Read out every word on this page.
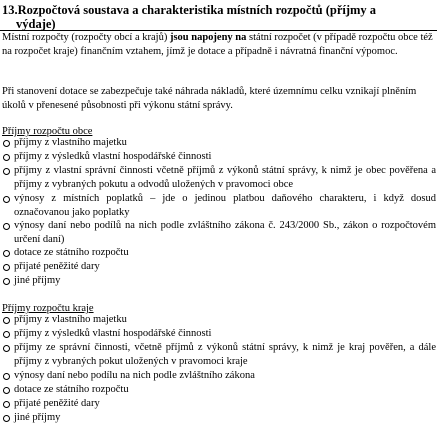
13.Rozpočtová soustava a charakteristika místních rozpočtů (příjmy a
výdaje)

Místní rozpočty (rozpočty obcí a krajů) jsou napojeny na státní rozpočet (v případě rozpočtu obce též na rozpočet kraje) finančním vztahem, jímž je dotace a případně i návratná finanční výpomoc.

Při stanovení dotace se zabezpečuje také náhrada nákladů, které územnímu celku vznikají plněním úkolů v přenesené působnosti při výkonu státní správy.

Příjmy rozpočtu obce
příjmy z vlastního majetku
příjmy z výsledků vlastní hospodářské činnosti
příjmy z vlastní správní činnosti včetně příjmů z výkonů státní správy, k nimž je obec pověřena a příjmy z vybraných pokutu a odvodů uložených v pravomoci obce
výnosy z místních poplatků – jde o jedinou platbou daňového charakteru, i když dosud označovanou jako poplatky
výnosy daní nebo podílů na nich podle zvláštního zákona č. 243/2000 Sb., zákon o rozpočtovém určení daní)
dotace ze státního rozpočtu
přijaté peněžité dary
jiné příjmy
Příjmy rozpočtu kraje
příjmy z vlastního majetku
příjmy z výsledků vlastní hospodářské činnosti
příjmy ze správní činnosti, včetně příjmů z výkonů státní správy, k nimž je kraj pověřen, a dále příjmy z vybraných pokut uložených v pravomoci kraje
výnosy daní nebo podílu na nich podle zvláštního zákona
dotace ze státního rozpočtu
přijaté peněžité dary
jiné příjmy
